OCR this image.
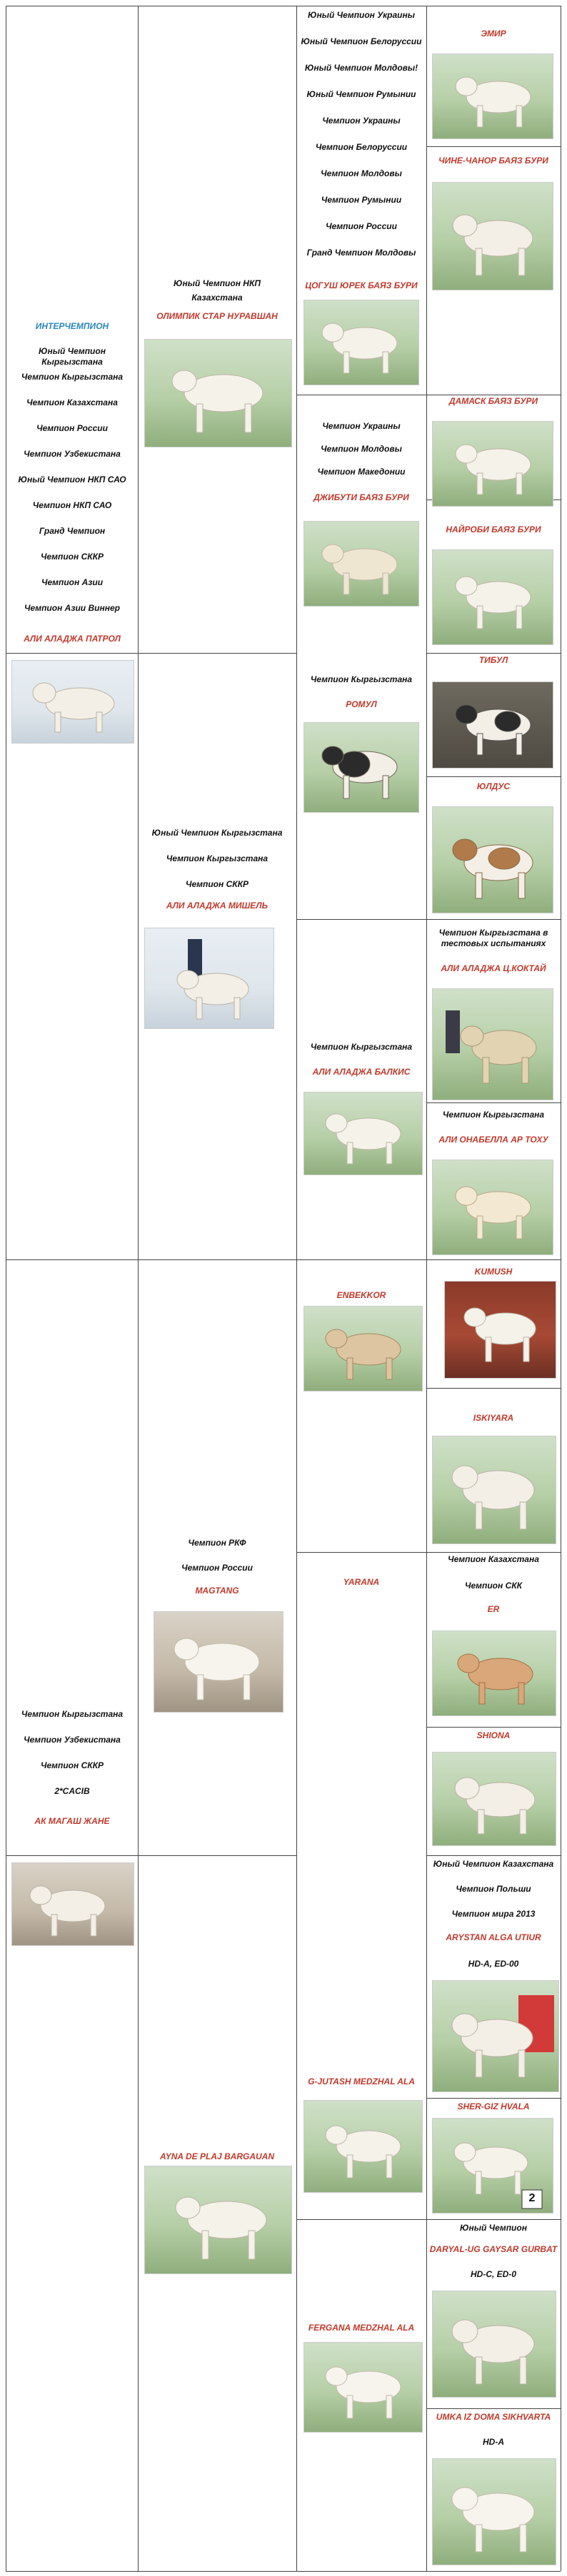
ИНТЕРЧЕМПИОН
Юный Чемпион Кыргызстана
Чемпион Кыргызстана
Чемпион Казахстана
Чемпион России
Чемпион Узбекистана
Юный Чемпион НКП САО
Чемпион НКП САО
Гранд Чемпион
Чемпион СККР
Чемпион Азии
Чемпион Азии Виннер
АЛИ АЛАДЖА ПАТРОЛ
Чемпион Кыргызстана
Чемпион Узбекистана
Чемпион СККР
2*CACIB
АК МАГАШ ЖАНЕ
Юный Чемпион НКП
Казахстана
ОЛИМПИК СТАР НУРАВШАН
Юный Чемпион Кыргызстана
Чемпион Кыргызстана
Чемпион СККР
АЛИ АЛАДЖА МИШЕЛЬ
Чемпион РКФ
Чемпион России
MAGTANG
AYNA DE PLAJ BARGAUAN
Юный Чемпион Украины
Юный Чемпион Белоруссии
Юный Чемпион Молдовы!
Юный Чемпион Румынии
Чемпион Украины
Чемпион Белоруссии
Чемпион Молдовы
Чемпион Румынии
Чемпион России
Гранд Чемпион Молдовы
ЦОГУШ ЮРЕК БАЯЗ БУРИ
Чемпион Украины
Чемпион Молдовы
Чемпион Македонии
ДЖИБУТИ БАЯЗ БУРИ
Чемпион Кыргызстана
РОМУЛ
Чемпион Кыргызстана
АЛИ АЛАДЖА БАЛКИС
ENBEKKOR
YARANA
G-JUTASH MEDZHAL ALA
FERGANA MEDZHAL ALA
ЭМИР
ЧИНЕ-ЧАНОР БАЯЗ БУРИ
ДАМАСК БАЯЗ БУРИ
НАЙРОБИ БАЯЗ БУРИ
ТИБУЛ
ЮЛДУС
Чемпион Кыргызстана в тестовых испытаниях
АЛИ АЛАДЖА Ц.КОКТАЙ
Чемпион Кыргызстана
АЛИ ОНАБЕЛЛА АР ТОХУ
KUMUSH
ISKIYARA
Чемпион Казахстана
Чемпион СКК
ER
SHIONA
Юный Чемпион Казахстана
Чемпион Польши
Чемпион мира 2013
ARYSTAN ALGA UTIUR
HD-A, ED-00
SHER-GIZ HVALA
2
Юный Чемпион
DARYAL-UG GAYSAR GURBAT
HD-C, ED-0
UMKA IZ DOMA SIKHVARTA
HD-A
